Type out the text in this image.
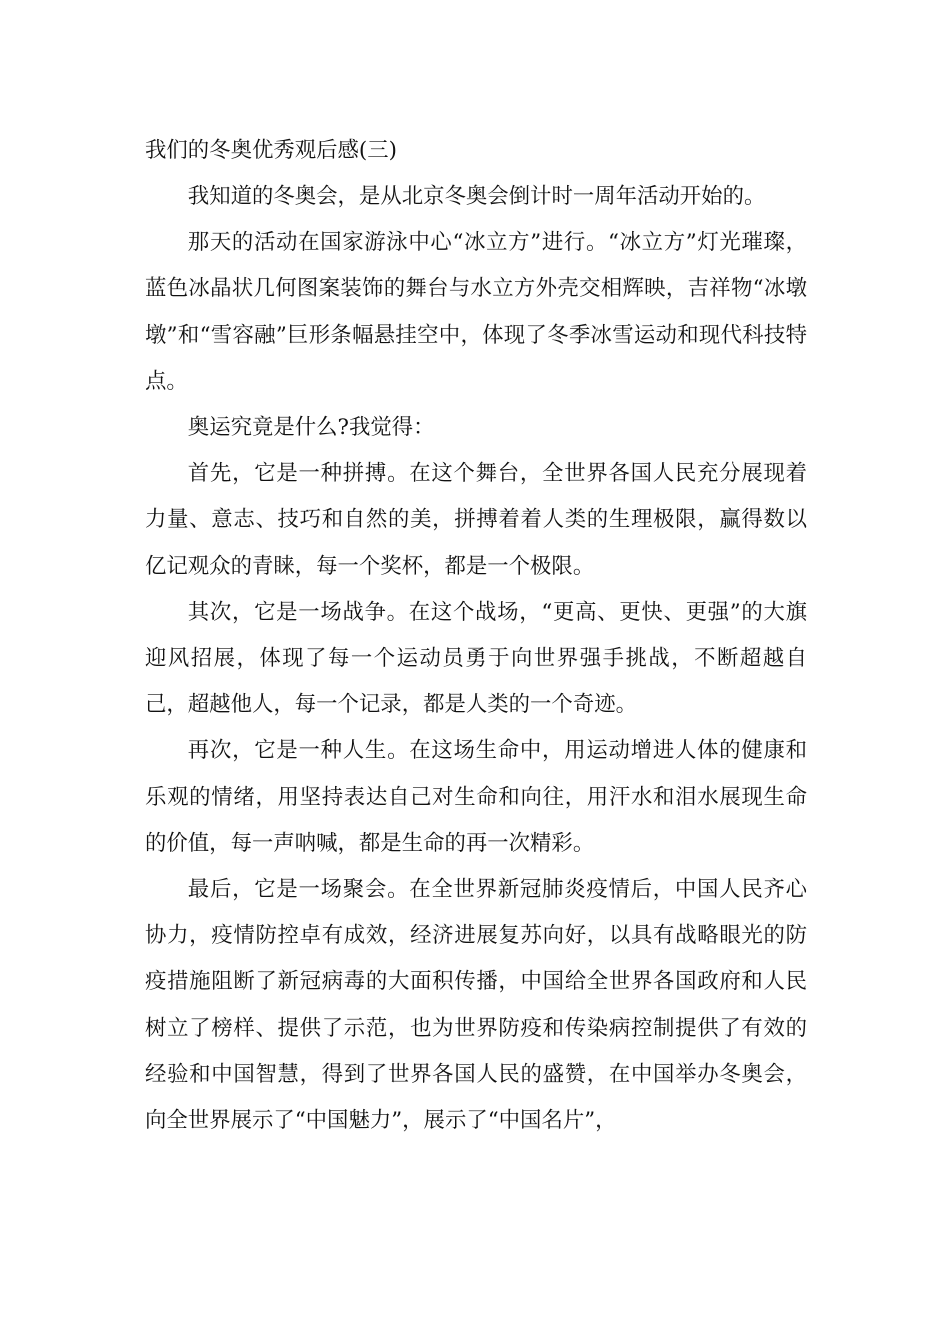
我们的冬奥优秀观后感(三)

我知道的冬奥会，是从北京冬奥会倒计时一周年活动开始的。

那天的活动在国家游泳中心“冰立方”进行。“冰立方”灯光璀璨，蓝色冰晶状几何图案装饰的舞台与水立方外壳交相辉映，吉祥物“冰墩墩”和“雪容融”巨形条幅悬挂空中，体现了冬季冰雪运动和现代科技特点。

奥运究竟是什么?我觉得：

首先，它是一种拼搏。在这个舞台，全世界各国人民充分展现着力量、意志、技巧和自然的美，拼搏着着人类的生理极限，赢得数以亿记观众的青睐，每一个奖杯，都是一个极限。

其次，它是一场战争。在这个战场，“更高、更快、更强”的大旗迎风招展，体现了每一个运动员勇于向世界强手挑战，不断超越自己，超越他人，每一个记录，都是人类的一个奇迹。

再次，它是一种人生。在这场生命中，用运动增进人体的健康和乐观的情绪，用坚持表达自己对生命和向往，用汗水和泪水展现生命的价值，每一声呐喊，都是生命的再一次精彩。

最后，它是一场聚会。在全世界新冠肺炎疫情后，中国人民齐心协力，疫情防控卓有成效，经济进展复苏向好，以具有战略眼光的防疫措施阻断了新冠病毒的大面积传播，中国给全世界各国政府和人民树立了榜样、提供了示范，也为世界防疫和传染病控制提供了有效的经验和中国智慧，得到了世界各国人民的盛赞，在中国举办冬奥会，向全世界展示了“中国魅力”，展示了“中国名片”，
